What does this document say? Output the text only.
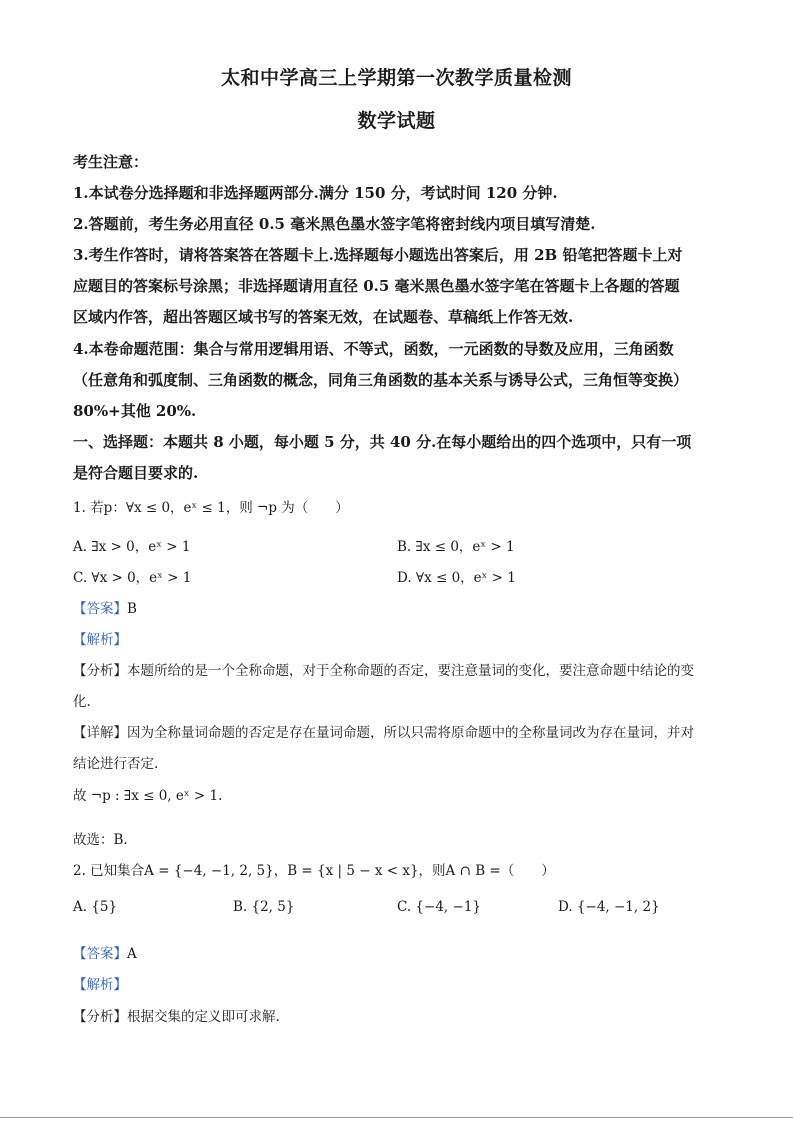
太和中学高三上学期第一次教学质量检测
数学试题
考生注意：
1.本试卷分选择题和非选择题两部分.满分 150 分，考试时间 120 分钟.
2.答题前，考生务必用直径 0.5 毫米黑色墨水签字笔将密封线内项目填写清楚.
3.考生作答时，请将答案答在答题卡上.选择题每小题选出答案后，用 2B 铅笔把答题卡上对
应题目的答案标号涂黑；非选择题请用直径 0.5 毫米黑色墨水签字笔在答题卡上各题的答题
区域内作答，超出答题区域书写的答案无效，在试题卷、草稿纸上作答无效.
4.本卷命题范围：集合与常用逻辑用语、不等式，函数，一元函数的导数及应用，三角函数
（任意角和弧度制、三角函数的概念，同角三角函数的基本关系与诱导公式，三角恒等变换）
80%+其他 20%.
一、选择题：本题共 8 小题，每小题 5 分，共 40 分.在每小题给出的四个选项中，只有一项
是符合题目要求的.
1. 若p：∀x ≤ 0，eˣ ≤ 1，则 ¬p 为（　　）
A. ∃x > 0，eˣ > 1	B. ∃x ≤ 0，eˣ > 1
C. ∀x > 0，eˣ > 1	D. ∀x ≤ 0，eˣ > 1
【答案】B
【解析】
【分析】本题所给的是一个全称命题，对于全称命题的否定，要注意量词的变化，要注意命题中结论的变
化.
【详解】因为全称量词命题的否定是存在量词命题，所以只需将原命题中的全称量词改为存在量词，并对
结论进行否定.
故 ¬p : ∃x ≤ 0, eˣ > 1.
故选：B.
2. 已知集合A = {−4, −1, 2, 5}，B = {x | 5 − x < x}，则A ∩ B =（　　）
A. {5}	B. {2, 5}	C. {−4, −1}	D. {−4, −1, 2}
【答案】A
【解析】
【分析】根据交集的定义即可求解.
